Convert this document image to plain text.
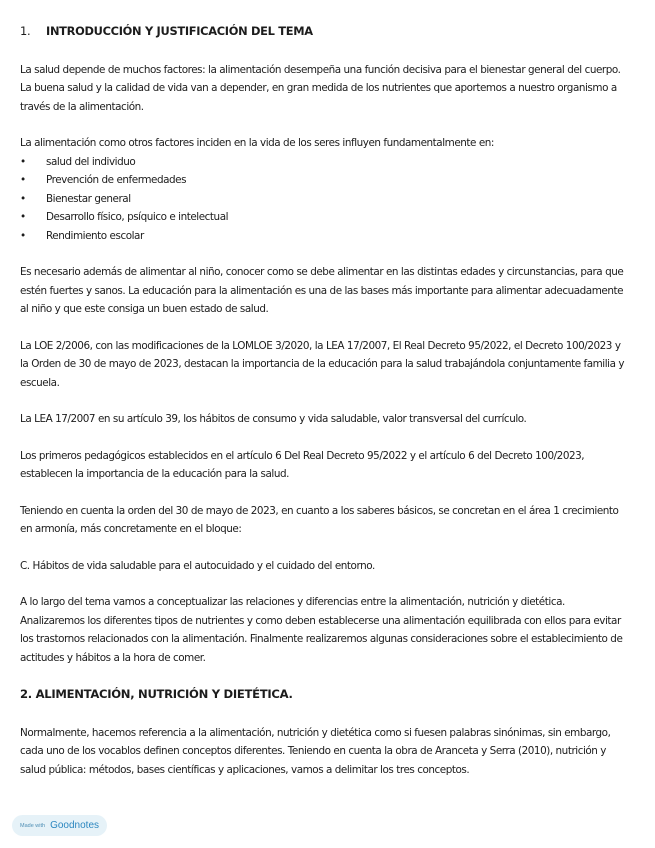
1.	INTRODUCCIÓN Y JUSTIFICACIÓN DEL TEMA

La salud depende de muchos factores: la alimentación desempeña una función decisiva para el bienestar general del cuerpo. La buena salud y la calidad de vida van a depender, en gran medida de los nutrientes que aportemos a nuestro organismo a través de la alimentación.

La alimentación como otros factores inciden en la vida de los seres influyen fundamentalmente en:

•	salud del individuo
•	Prevención de enfermedades
•	Bienestar general
•	Desarrollo físico, psíquico e intelectual
•	Rendimiento escolar

Es necesario además de alimentar al niño, conocer como se debe alimentar en las distintas edades y circunstancias, para que estén fuertes y sanos. La educación para la alimentación es una de las bases más importante para alimentar adecuadamente al niño y que este consiga un buen estado de salud.

La LOE 2/2006, con las modificaciones de la LOMLOE 3/2020, la LEA 17/2007, El Real Decreto 95/2022, el Decreto 100/2023 y la Orden de 30 de mayo de 2023, destacan la importancia de la educación para la salud trabajándola conjuntamente familia y escuela.

La LEA 17/2007 en su artículo 39, los hábitos de consumo y vida saludable, valor transversal del currículo.

Los primeros pedagógicos establecidos en el artículo 6 Del Real Decreto 95/2022 y el artículo 6 del Decreto 100/2023, establecen la importancia de la educación para la salud.

Teniendo en cuenta la orden del 30 de mayo de 2023, en cuanto a los saberes básicos, se concretan en el área 1 crecimiento en armonía, más concretamente en el bloque:

C. Hábitos de vida saludable para el autocuidado y el cuidado del entorno.

A lo largo del tema vamos a conceptualizar las relaciones y diferencias entre la alimentación, nutrición y dietética. Analizaremos los diferentes tipos de nutrientes y como deben establecerse una alimentación equilibrada con ellos para evitar los trastornos relacionados con la alimentación. Finalmente realizaremos algunas consideraciones sobre el establecimiento de actitudes y hábitos a la hora de comer.

2. ALIMENTACIÓN, NUTRICIÓN Y DIETÉTICA.

Normalmente, hacemos referencia a la alimentación, nutrición y dietética como si fuesen palabras sinónimas, sin embargo, cada uno de los vocablos definen conceptos diferentes. Teniendo en cuenta la obra de Aranceta y Serra (2010), nutrición y salud pública: métodos, bases científicas y aplicaciones, vamos a delimitar los tres conceptos.

Made with Goodnotes
